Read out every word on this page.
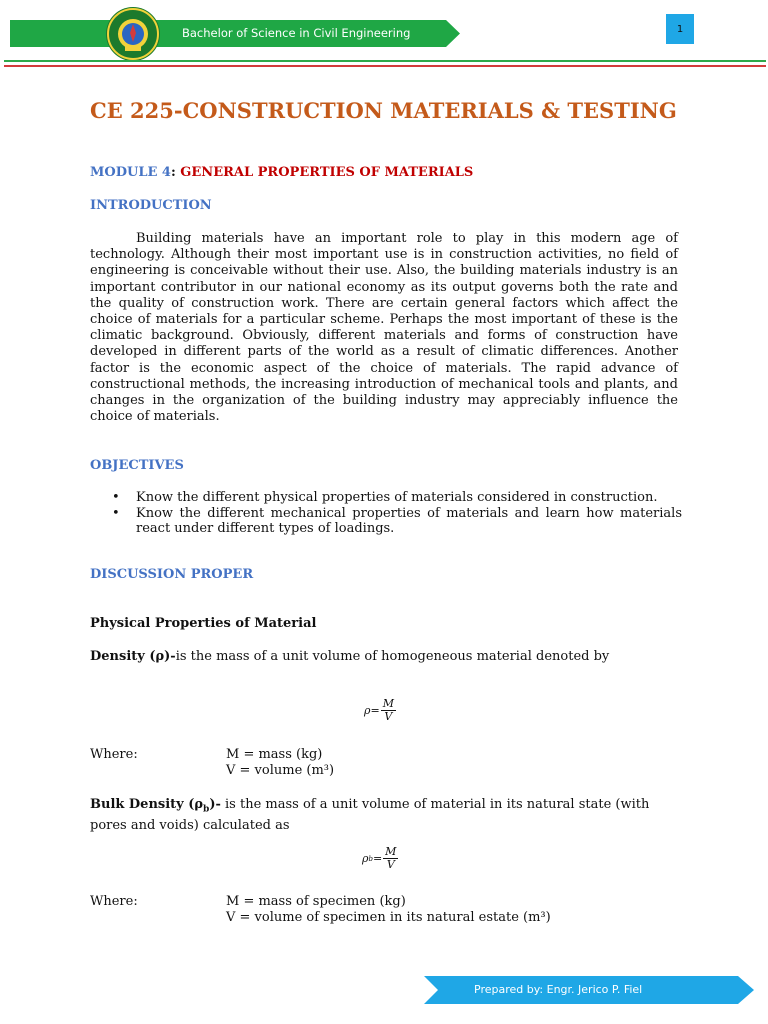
Bachelor of Science in Civil Engineering	1
CE 225-CONSTRUCTION MATERIALS & TESTING
MODULE 4: GENERAL PROPERTIES OF MATERIALS
INTRODUCTION
Building materials have an important role to play in this modern age of technology. Although their most important use is in construction activities, no field of engineering is conceivable without their use. Also, the building materials industry is an important contributor in our national economy as its output governs both the rate and the quality of construction work. There are certain general factors which affect the choice of materials for a particular scheme. Perhaps the most important of these is the climatic background. Obviously, different materials and forms of construction have developed in different parts of the world as a result of climatic differences. Another factor is the economic aspect of the choice of materials. The rapid advance of constructional methods, the increasing introduction of mechanical tools and plants, and changes in the organization of the building industry may appreciably influence the choice of materials.
OBJECTIVES
• Know the different physical properties of materials considered in construction.
• Know the different mechanical properties of materials and learn how materials react under different types of loadings.
DISCUSSION PROPER
Physical Properties of Material
Density (ρ)-is the mass of a unit volume of homogeneous material denoted by
$\rho= \frac{M}{V}$
Where:	M = mass (kg)
V = volume (m³)
Bulk Density $(\rho_b)-$ is the mass of a unit volume of material in its natural state (with pores and voids) calculated as
ρ $b = \frac{M}{V}$
Where:	M = mass of specimen (kg)
V = volume of specimen in its natural estate (m³)
Prepared by: Engr. Jerico P. Fiel
